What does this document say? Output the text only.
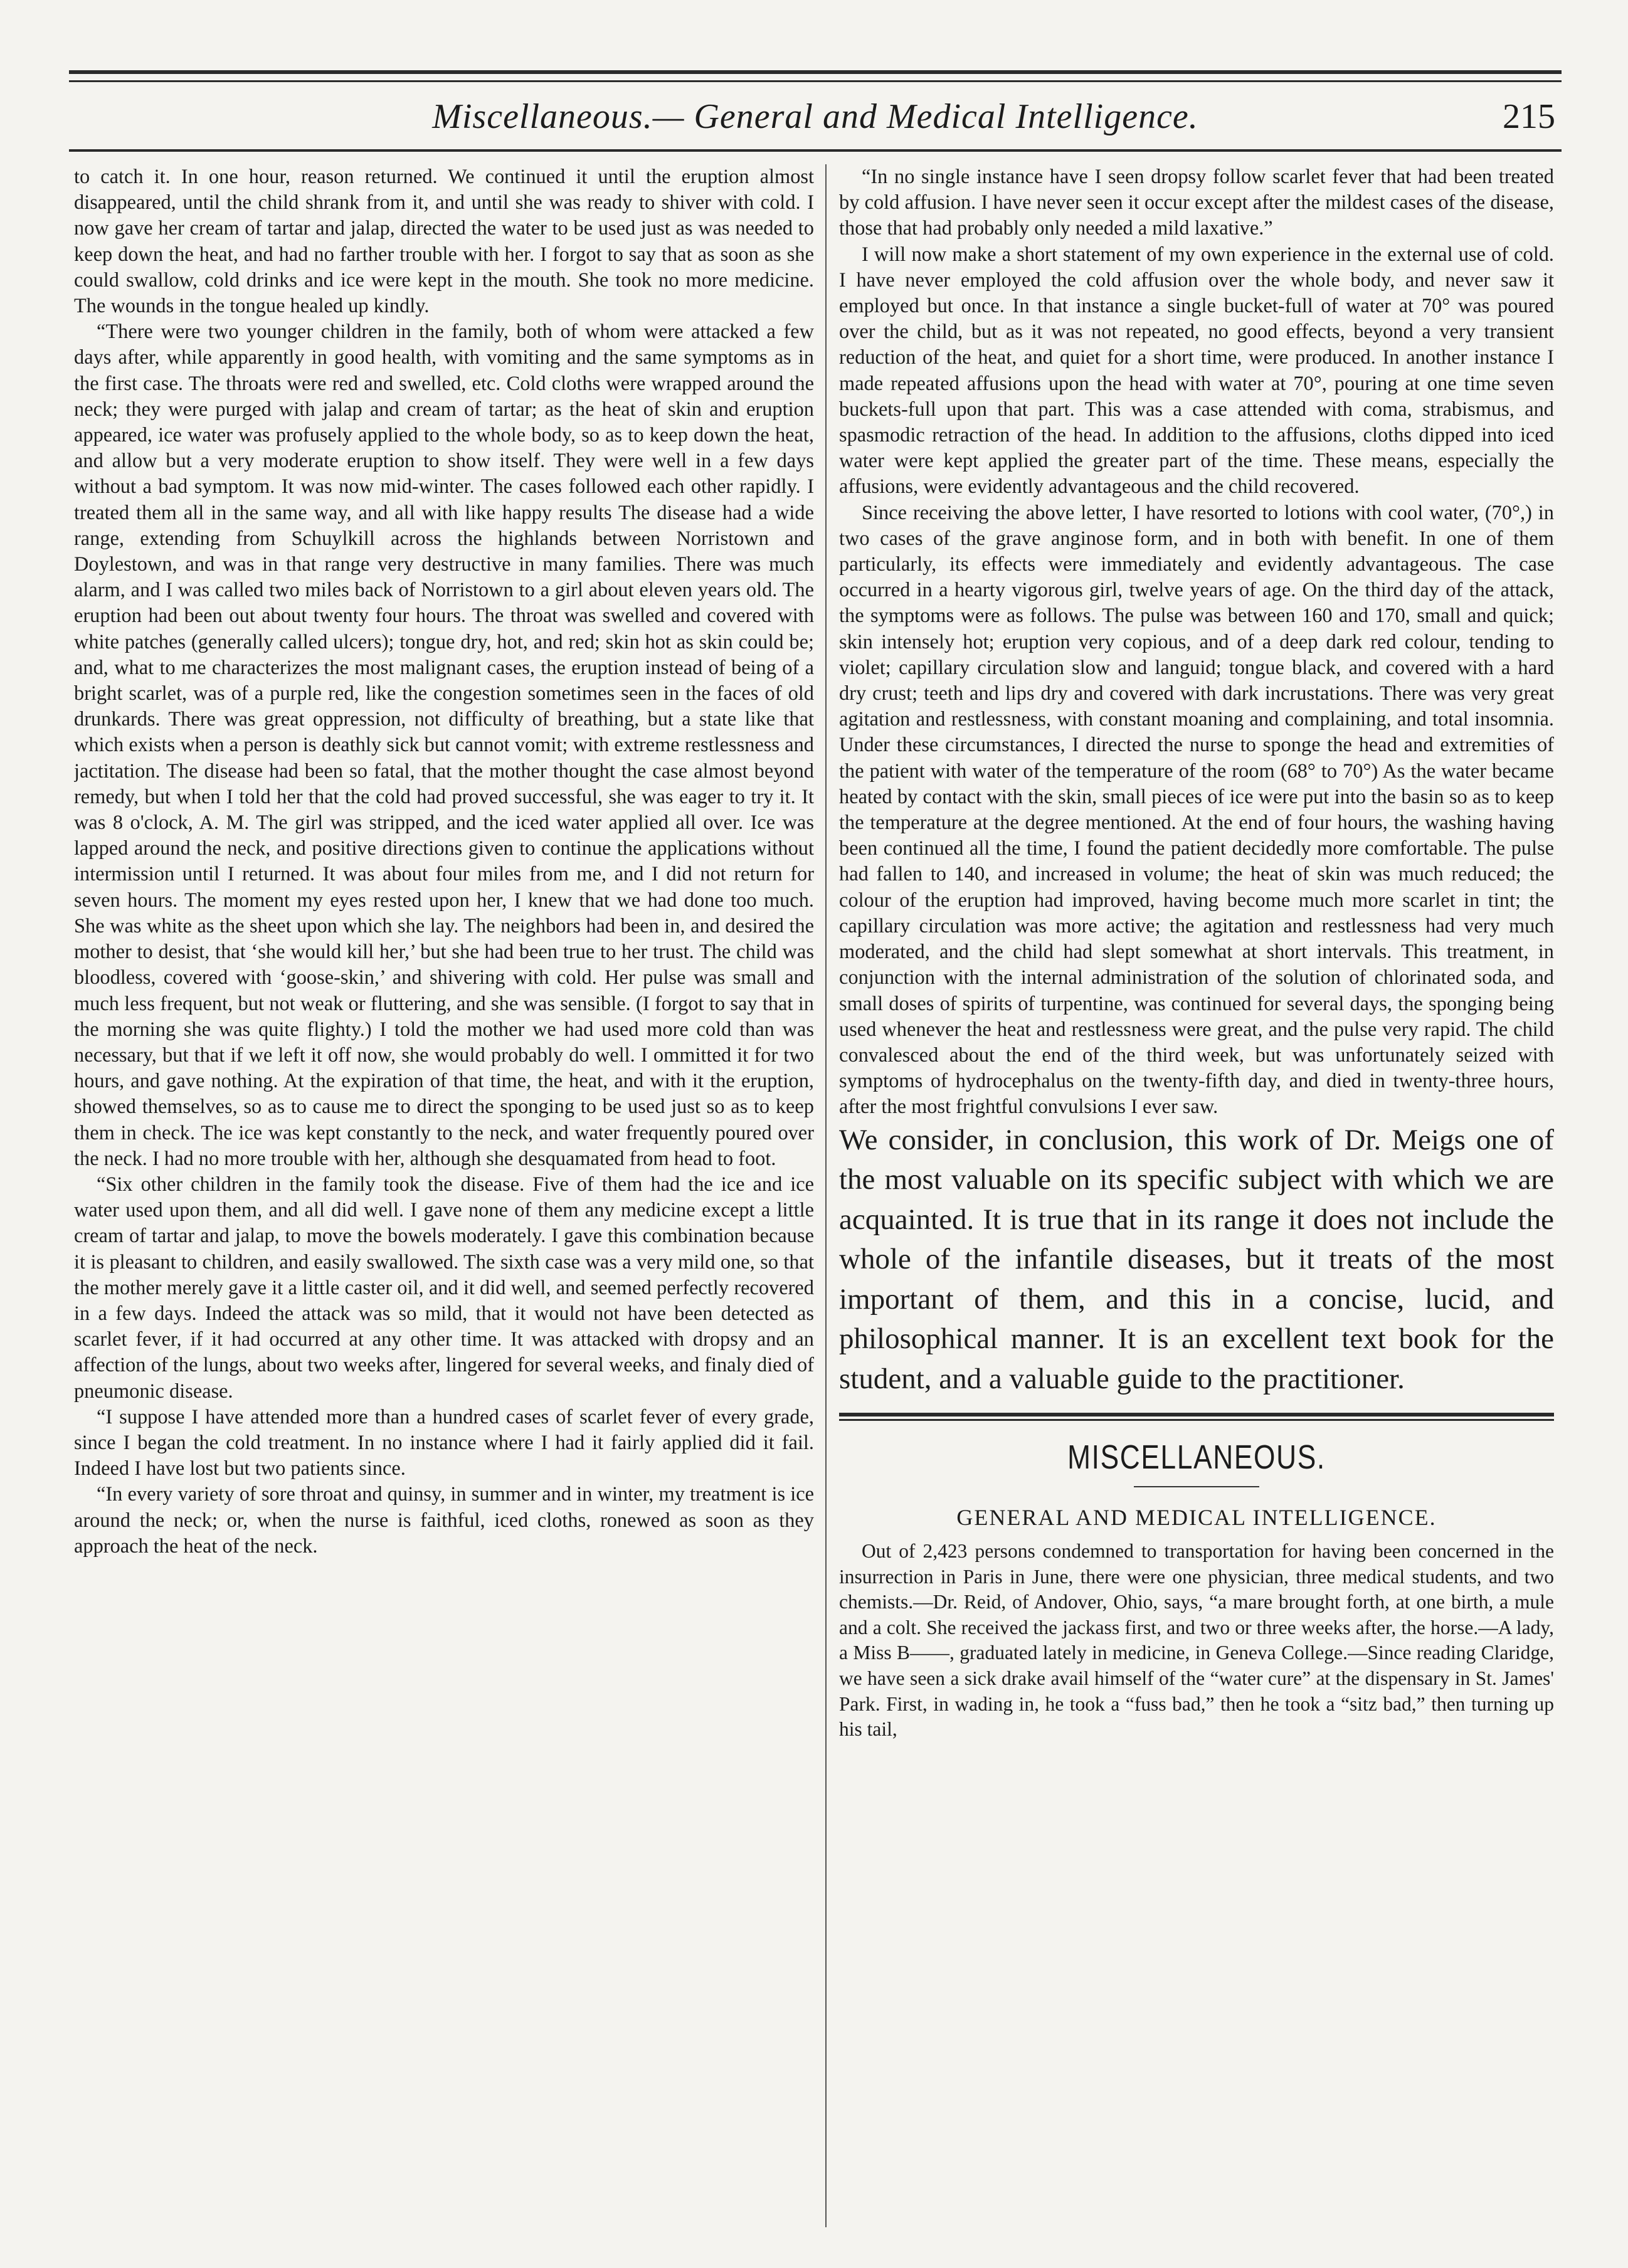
Miscellaneous.— General and Medical Intelligence.	215

to catch it. In one hour, reason returned. We continued it until the eruption almost disappeared, until the child shrank from it, and until she was ready to shiver with cold. I now gave her cream of tartar and jalap, directed the water to be used just as was needed to keep down the heat, and had no farther trouble with her. I forgot to say that as soon as she could swallow, cold drinks and ice were kept in the mouth. She took no more medicine. The wounds in the tongue healed up kindly.

“There were two younger children in the family, both of whom were attacked a few days after, while apparently in good health, with vomiting and the same symptoms as in the first case. The throats were red and swelled, etc. Cold cloths were wrapped around the neck; they were purged with jalap and cream of tartar; as the heat of skin and eruption appeared, ice water was profusely applied to the whole body, so as to keep down the heat, and allow but a very moderate eruption to show itself. They were well in a few days without a bad symptom. It was now mid-winter. The cases followed each other rapidly. I treated them all in the same way, and all with like happy results The disease had a wide range, extending from Schuylkill across the highlands between Norristown and Doylestown, and was in that range very destructive in many families. There was much alarm, and I was called two miles back of Norristown to a girl about eleven years old. The eruption had been out about twenty four hours. The throat was swelled and covered with white patches (generally called ulcers); tongue dry, hot, and red; skin hot as skin could be; and, what to me characterizes the most malignant cases, the eruption instead of being of a bright scarlet, was of a purple red, like the congestion sometimes seen in the faces of old drunkards. There was great oppression, not difficulty of breathing, but a state like that which exists when a person is deathly sick but cannot vomit; with extreme restlessness and jactitation. The disease had been so fatal, that the mother thought the case almost beyond remedy, but when I told her that the cold had proved successful, she was eager to try it. It was 8 o'clock, A. M. The girl was stripped, and the iced water applied all over. Ice was lapped around the neck, and positive directions given to continue the applications without intermission until I returned. It was about four miles from me, and I did not return for seven hours. The moment my eyes rested upon her, I knew that we had done too much. She was white as the sheet upon which she lay. The neighbors had been in, and desired the mother to desist, that ‘she would kill her,’ but she had been true to her trust. The child was bloodless, covered with ‘goose-skin,’ and shivering with cold. Her pulse was small and much less frequent, but not weak or fluttering, and she was sensible. (I forgot to say that in the morning she was quite flighty.) I told the mother we had used more cold than was necessary, but that if we left it off now, she would probably do well. I ommitted it for two hours, and gave nothing. At the expiration of that time, the heat, and with it the eruption, showed themselves, so as to cause me to direct the sponging to be used just so as to keep them in check. The ice was kept constantly to the neck, and water frequently poured over the neck. I had no more trouble with her, although she desquamated from head to foot.

“Six other children in the family took the disease. Five of them had the ice and ice water used upon them, and all did well. I gave none of them any medicine except a little cream of tartar and jalap, to move the bowels moderately. I gave this combination because it is pleasant to children, and easily swallowed. The sixth case was a very mild one, so that the mother merely gave it a little caster oil, and it did well, and seemed perfectly recovered in a few days. Indeed the attack was so mild, that it would not have been detected as scarlet fever, if it had occurred at any other time. It was attacked with dropsy and an affection of the lungs, about two weeks after, lingered for several weeks, and finaly died of pneumonic disease.

“I suppose I have attended more than a hundred cases of scarlet fever of every grade, since I began the cold treatment. In no instance where I had it fairly applied did it fail. Indeed I have lost but two patients since.

“In every variety of sore throat and quinsy, in summer and in winter, my treatment is ice around the neck; or, when the nurse is faithful, iced cloths, ronewed as soon as they approach the heat of the neck.

“In no single instance have I seen dropsy follow scarlet fever that had been treated by cold affusion. I have never seen it occur except after the mildest cases of the disease, those that had probably only needed a mild laxative.”

I will now make a short statement of my own experience in the external use of cold. I have never employed the cold affusion over the whole body, and never saw it employed but once. In that instance a single bucket-full of water at 70° was poured over the child, but as it was not repeated, no good effects, beyond a very transient reduction of the heat, and quiet for a short time, were produced. In another instance I made repeated affusions upon the head with water at 70°, pouring at one time seven buckets-full upon that part. This was a case attended with coma, strabismus, and spasmodic retraction of the head. In addition to the affusions, cloths dipped into iced water were kept applied the greater part of the time. These means, especially the affusions, were evidently advantageous and the child recovered.

Since receiving the above letter, I have resorted to lotions with cool water, (70°,) in two cases of the grave anginose form, and in both with benefit. In one of them particularly, its effects were immediately and evidently advantageous. The case occurred in a hearty vigorous girl, twelve years of age. On the third day of the attack, the symptoms were as follows. The pulse was between 160 and 170, small and quick; skin intensely hot; eruption very copious, and of a deep dark red colour, tending to violet; capillary circulation slow and languid; tongue black, and covered with a hard dry crust; teeth and lips dry and covered with dark incrustations. There was very great agitation and restlessness, with constant moaning and complaining, and total insomnia. Under these circumstances, I directed the nurse to sponge the head and extremities of the patient with water of the temperature of the room (68° to 70°) As the water became heated by contact with the skin, small pieces of ice were put into the basin so as to keep the temperature at the degree mentioned. At the end of four hours, the washing having been continued all the time, I found the patient decidedly more comfortable. The pulse had fallen to 140, and increased in volume; the heat of skin was much reduced; the colour of the eruption had improved, having become much more scarlet in tint; the capillary circulation was more active; the agitation and restlessness had very much moderated, and the child had slept somewhat at short intervals. This treatment, in conjunction with the internal administration of the solution of chlorinated soda, and small doses of spirits of turpentine, was continued for several days, the sponging being used whenever the heat and restlessness were great, and the pulse very rapid. The child convalesced about the end of the third week, but was unfortunately seized with symptoms of hydrocephalus on the twenty-fifth day, and died in twenty-three hours, after the most frightful convulsions I ever saw.

We consider, in conclusion, this work of Dr. Meigs one of the most valuable on its specific subject with which we are acquainted. It is true that in its range it does not include the whole of the infantile diseases, but it treats of the most important of them, and this in a concise, lucid, and philosophical manner. It is an excellent text book for the student, and a valuable guide to the practitioner.

MISCELLANEOUS.
GENERAL AND MEDICAL INTELLIGENCE.

Out of 2,423 persons condemned to transportation for having been concerned in the insurrection in Paris in June, there were one physician, three medical students, and two chemists.—Dr. Reid, of Andover, Ohio, says, “a mare brought forth, at one birth, a mule and a colt. She received the jackass first, and two or three weeks after, the horse.—A lady, a Miss B——, graduated lately in medicine, in Geneva College.—Since reading Claridge, we have seen a sick drake avail himself of the “water cure” at the dispensary in St. James' Park. First, in wading in, he took a “fuss bad,” then he took a “sitz bad,” then turning up his tail,
